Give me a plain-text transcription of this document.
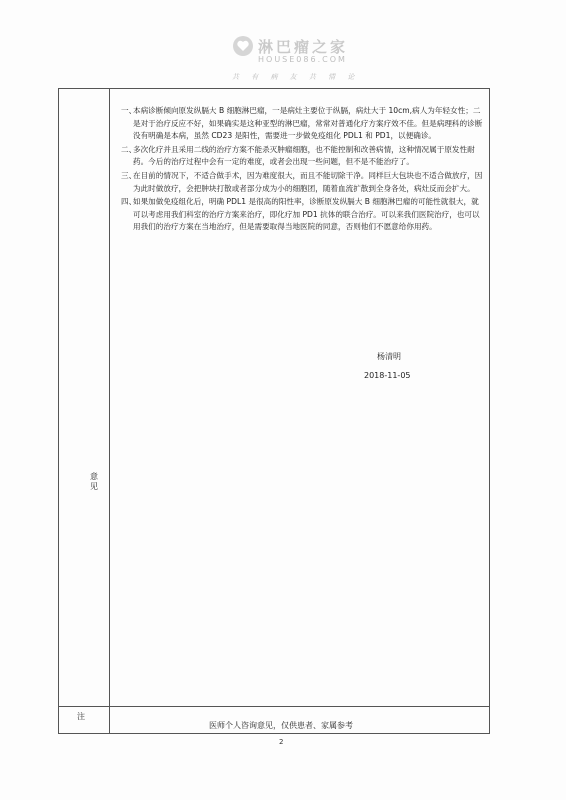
淋巴瘤之家
HOUSE086.COM
共 有 病 友 共 情 论
意见
注
一、
本病诊断倾向原发纵膈大 B 细胞淋巴瘤，一是病灶主要位于纵膈，病灶大于 10cm,病人为年轻女性；二是对于治疗反应不好，如果确实是这种亚型的淋巴瘤，常常对普通化疗方案疗效不佳。但是病理科的诊断没有明确是本病，虽然 CD23 是阳性，需要进一步做免疫组化 PDL1 和 PD1，以便确诊。
二、
多次化疗并且采用二线的治疗方案不能杀灭肿瘤细胞，也不能控制和改善病情，这种情况属于原发性耐药。今后的治疗过程中会有一定的难度，或者会出现一些问题，但不是不能治疗了。
三、
在目前的情况下，不适合做手术，因为难度很大，而且不能切除干净。同样巨大包块也不适合做放疗，因为此时做放疗，会把肿块打散或者部分成为小的细胞团，随着血流扩散到全身各处，病灶反而会扩大。
四、
如果加做免疫组化后，明确 PDL1 是很高的阳性率，诊断原发纵膈大 B 细胞淋巴瘤的可能性就很大，就可以考虑用我们科室的治疗方案来治疗，即化疗加 PD1 抗体的联合治疗。可以来我们医院治疗，也可以用我们的治疗方案在当地治疗，但是需要取得当地医院的同意，否则他们不愿意给你用药。
杨清明
2018-11-05
医师个人咨询意见，仅供患者、家属参考
2
